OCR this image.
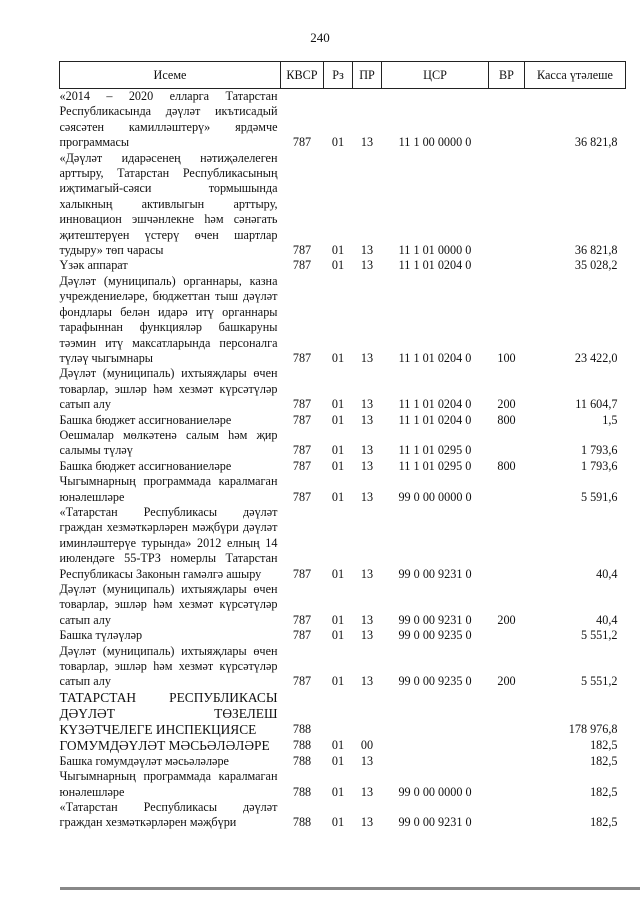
240
Исеме	КВСР	Рз	ПР	ЦСР	ВР	Касса үтәлеше
«2014 – 2020 елларга Татарстан Республикасында дәүләт икътисадый сәясәтен камилләштерү» ярдәмче программасы	787	01	13	11 1 00 0000 0		36 821,8
«Дәүләт идарәсенең нәтиҗәлелеген арттыру, Татарстан Республикасының иҗтимагый-сәяси тормышында халыкның активлыгын арттыру, инновацион эшчәнлекне һәм сәнәгать җитештерүен үстерү өчен шартлар тудыру» төп чарасы	787	01	13	11 1 01 0000 0		36 821,8
Үзәк аппарат	787	01	13	11 1 01 0204 0		35 028,2
Дәүләт (муниципаль) органнары, казна учреждениеләре, бюджеттан тыш дәүләт фондлары белән идарә итү органнары тарафыннан функцияләр башкаруны тәэмин итү максатларында персоналга түләү чыгымнары	787	01	13	11 1 01 0204 0	100	23 422,0
Дәүләт (муниципаль) ихтыяҗлары өчен товарлар, эшләр һәм хезмәт күрсәтүләр сатып алу	787	01	13	11 1 01 0204 0	200	11 604,7
Башка бюджет ассигнованиеләре	787	01	13	11 1 01 0204 0	800	1,5
Оешмалар мөлкәтенә салым һәм җир салымы түләү	787	01	13	11 1 01 0295 0		1 793,6
Башка бюджет ассигнованиеләре	787	01	13	11 1 01 0295 0	800	1 793,6
Чыгымнарның программада каралмаган юнәлешләре	787	01	13	99 0 00 0000 0		5 591,6
«Татарстан Республикасы дәүләт граждан хезмәткәрләрен мәҗбүри дәүләт иминләштерүе турында» 2012 елның 14 июлендәге 55-ТРЗ номерлы Татарстан Республикасы Законын гамәлгә ашыру	787	01	13	99 0 00 9231 0		40,4
Дәүләт (муниципаль) ихтыяҗлары өчен товарлар, эшләр һәм хезмәт күрсәтүләр сатып алу	787	01	13	99 0 00 9231 0	200	40,4
Башка түләүләр	787	01	13	99 0 00 9235 0		5 551,2
Дәүләт (муниципаль) ихтыяҗлары өчен товарлар, эшләр һәм хезмәт күрсәтүләр сатып алу	787	01	13	99 0 00 9235 0	200	5 551,2
ТАТАРСТАН РЕСПУБЛИКАСЫ ДӘҮЛӘТ ТӨЗЕЛЕШ КҮЗӘТЧЕЛЕГЕ ИНСПЕКЦИЯСЕ	788					178 976,8
ГОМУМДӘҮЛӘТ МӘСЬӘЛӘЛӘРЕ	788	01	00			182,5
Башка гомумдәүләт мәсьәләләре	788	01	13			182,5
Чыгымнарның программада каралмаган юнәлешләре	788	01	13	99 0 00 0000 0		182,5
«Татарстан Республикасы дәүләт граждан хезмәткәрләрен мәҗбүри	788	01	13	99 0 00 9231 0		182,5
